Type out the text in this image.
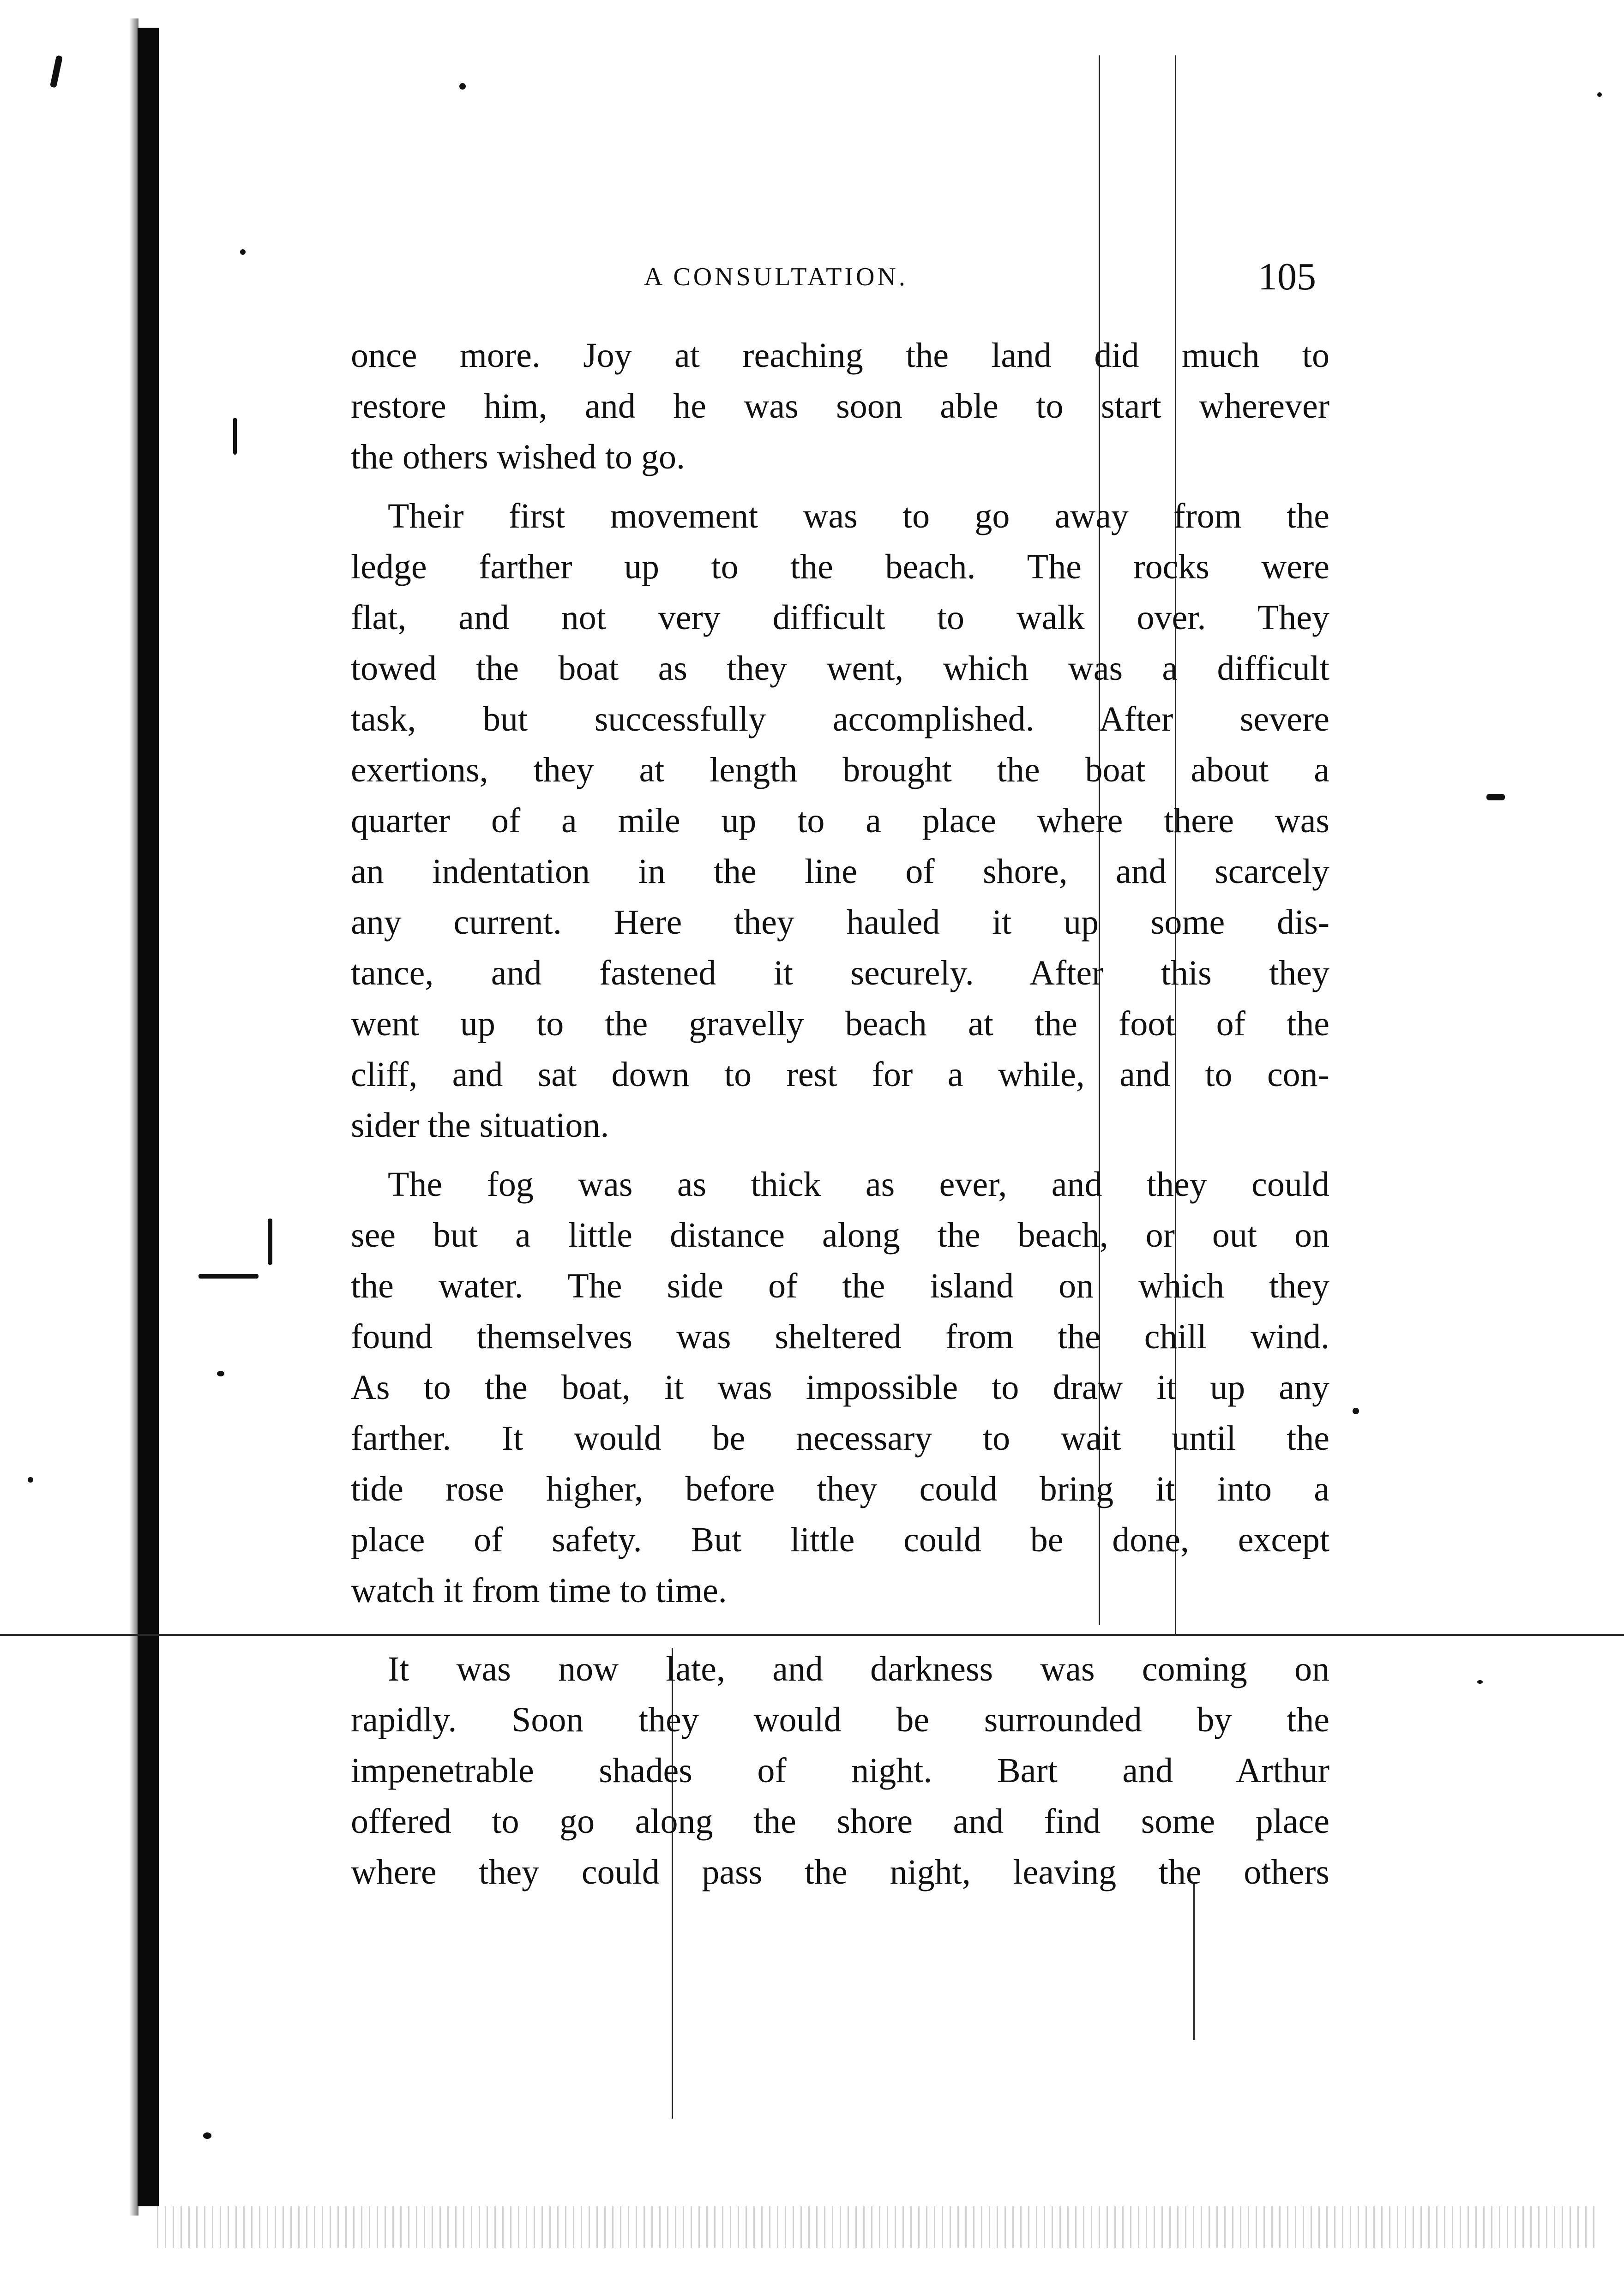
A CONSULTATION.	105
once more. Joy at reaching the land did much to
restore him, and he was soon able to start wherever
the others wished to go.
Their first movement was to go away from the
ledge farther up to the beach. The rocks were
flat, and not very difficult to walk over. They
towed the boat as they went, which was a difficult
task, but successfully accomplished. After severe
exertions, they at length brought the boat about a
quarter of a mile up to a place where there was
an indentation in the line of shore, and scarcely
any current. Here they hauled it up some dis-
tance, and fastened it securely. After this they
went up to the gravelly beach at the foot of the
cliff, and sat down to rest for a while, and to con-
sider the situation.
The fog was as thick as ever, and they could
see but a little distance along the beach, or out on
the water. The side of the island on which they
found themselves was sheltered from the chill wind.
As to the boat, it was impossible to draw it up any
farther. It would be necessary to wait until the
tide rose higher, before they could bring it into a
place of safety. But little could be done, except
watch it from time to time.
It was now late, and darkness was coming on
rapidly. Soon they would be surrounded by the
impenetrable shades of night. Bart and Arthur
offered to go along the shore and find some place
where they could pass the night, leaving the others
